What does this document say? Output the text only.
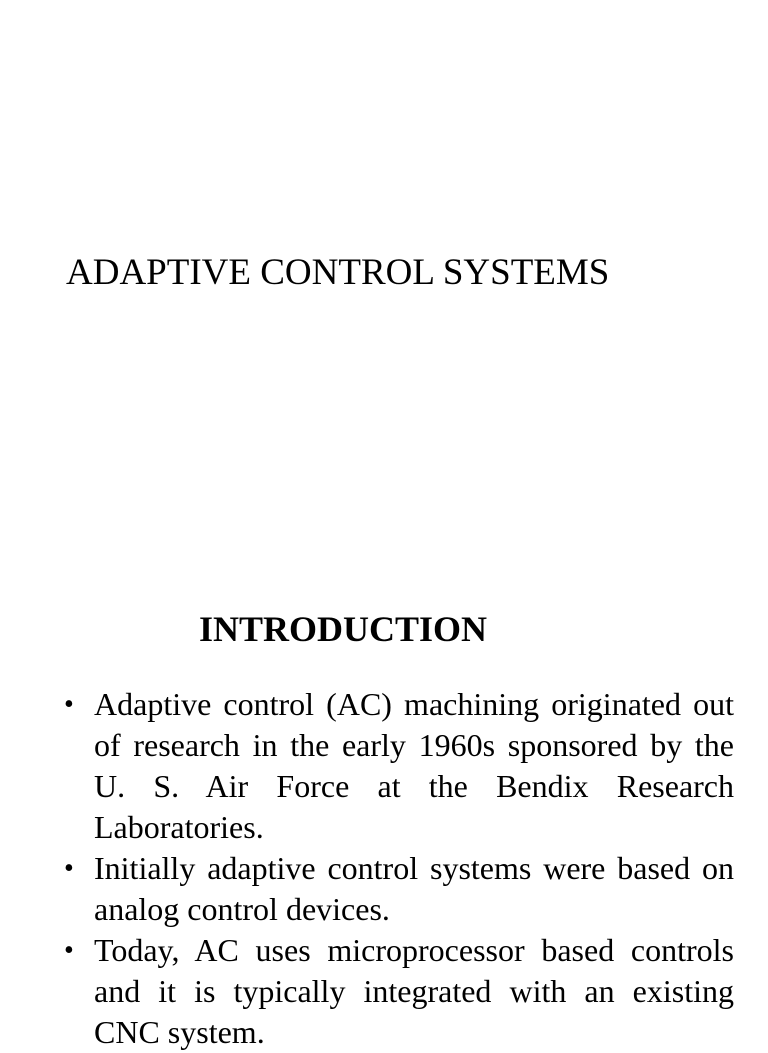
ADAPTIVE CONTROL SYSTEMS
INTRODUCTION
• Adaptive control (AC) machining originated out of research in the early 1960s sponsored by the U. S. Air Force at the Bendix Research Laboratories.
• Initially adaptive control systems were based on analog control devices.
• Today, AC uses microprocessor based controls and it is typically integrated with an existing CNC system.
